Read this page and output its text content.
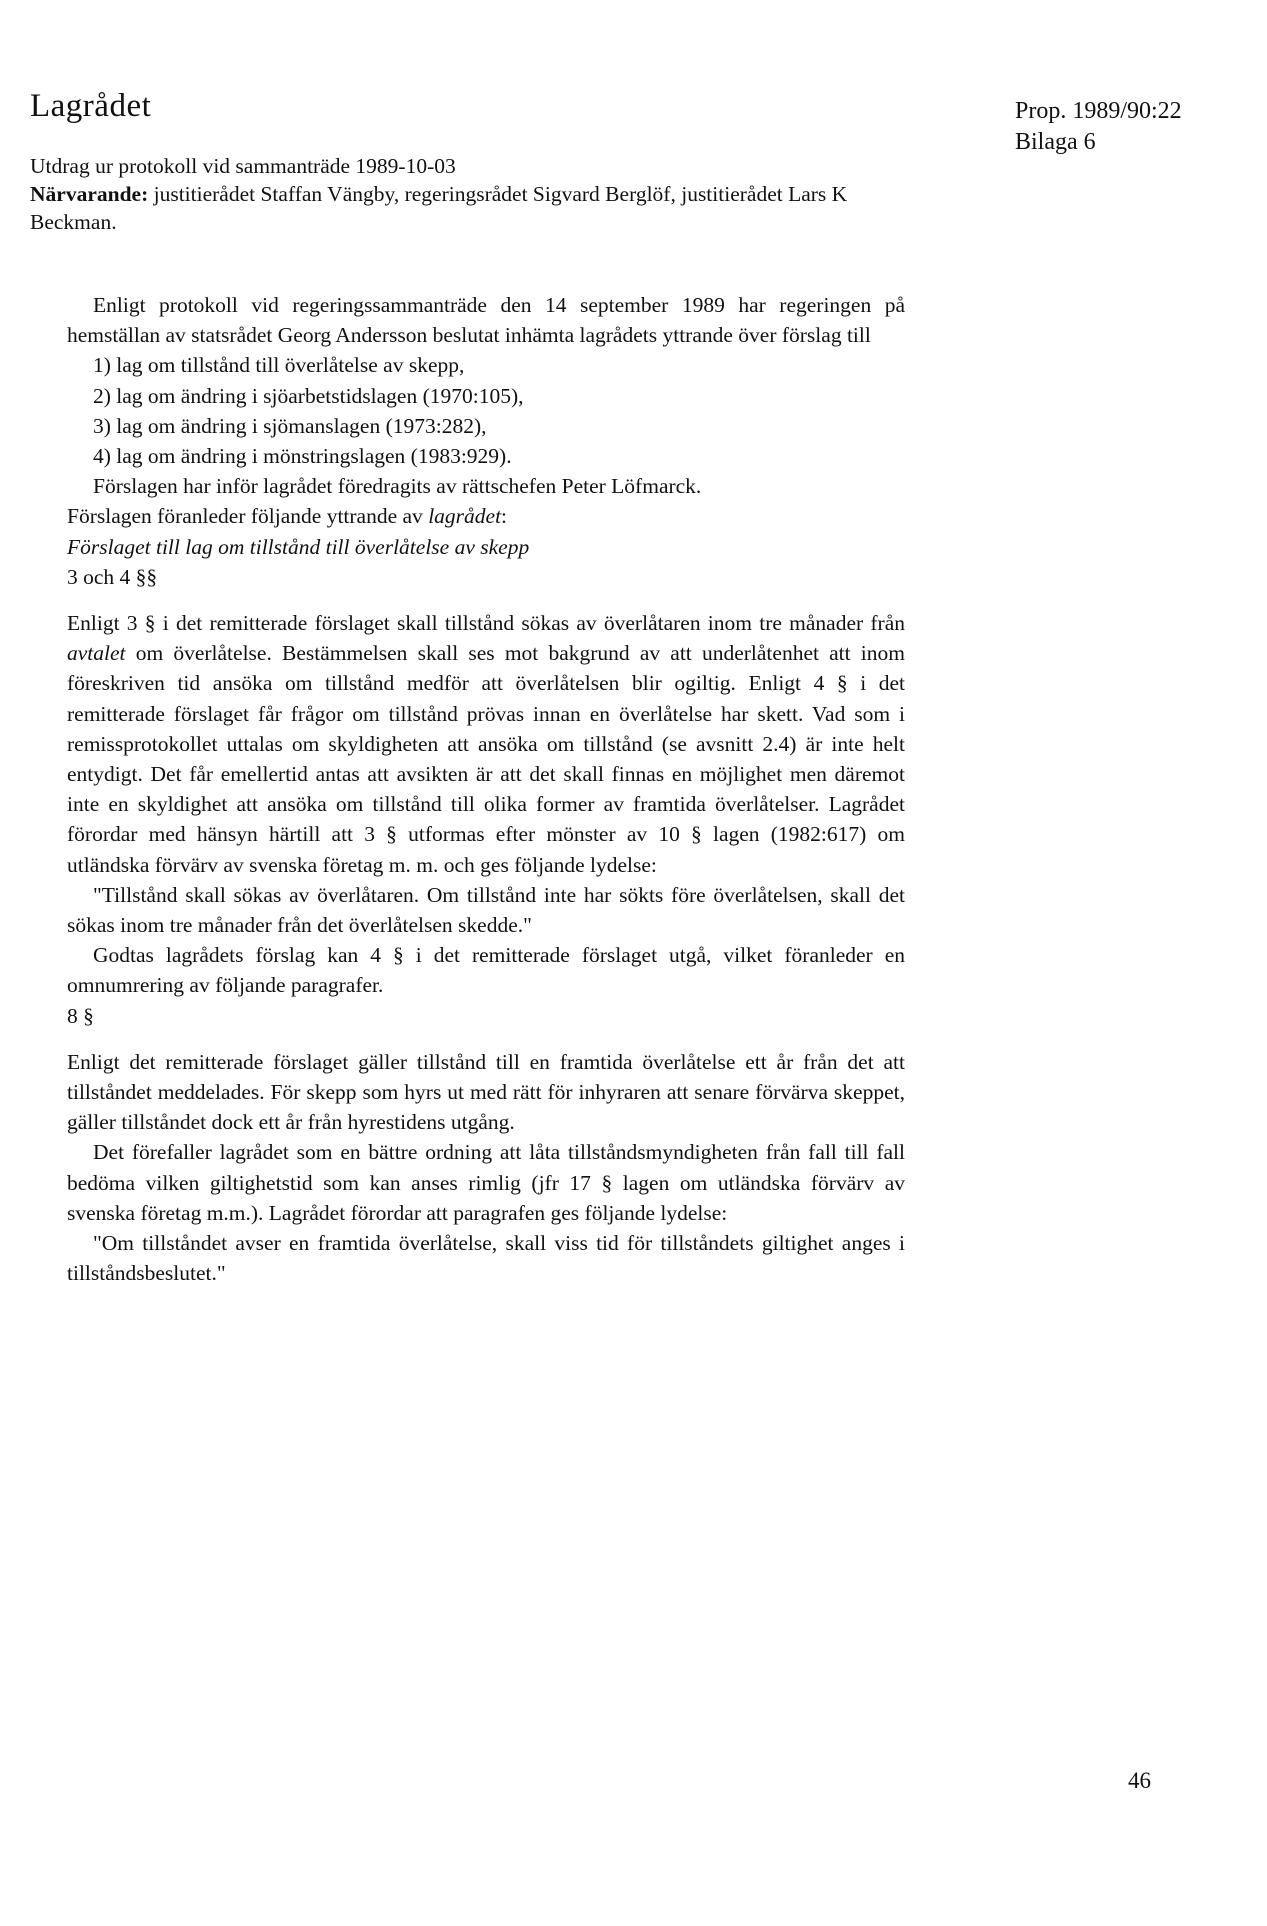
Lagrådet	Prop. 1989/90:22
Bilaga 6
Utdrag ur protokoll vid sammanträde 1989-10-03
Närvarande: justitierådet Staffan Vängby, regeringsrådet Sigvard Berglöf, justitierådet Lars K Beckman.

Enligt protokoll vid regeringssammanträde den 14 september 1989 har regeringen på hemställan av statsrådet Georg Andersson beslutat inhämta lagrådets yttrande över förslag till

1) lag om tillstånd till överlåtelse av skepp,

2) lag om ändring i sjöarbetstidslagen (1970:105),

3) lag om ändring i sjömanslagen (1973:282),

4) lag om ändring i mönstringslagen (1983:929).

Förslagen har inför lagrådet föredragits av rättschefen Peter Löfmarck.

Förslagen föranleder följande yttrande av lagrådet:

Förslaget till lag om tillstånd till överlåtelse av skepp

3 och 4 §§

Enligt 3 § i det remitterade förslaget skall tillstånd sökas av överlåtaren inom tre månader från avtalet om överlåtelse. Bestämmelsen skall ses mot bakgrund av att underlåtenhet att inom föreskriven tid ansöka om tillstånd medför att överlåtelsen blir ogiltig. Enligt 4 § i det remitterade förslaget får frågor om tillstånd prövas innan en överlåtelse har skett. Vad som i remissprotokollet uttalas om skyldigheten att ansöka om tillstånd (se avsnitt 2.4) är inte helt entydigt. Det får emellertid antas att avsikten är att det skall finnas en möjlighet men däremot inte en skyldighet att ansöka om tillstånd till olika former av framtida överlåtelser. Lagrådet förordar med hänsyn härtill att 3 § utformas efter mönster av 10 § lagen (1982:617) om utländska förvärv av svenska företag m. m. och ges följande lydelse:

"Tillstånd skall sökas av överlåtaren. Om tillstånd inte har sökts före överlåtelsen, skall det sökas inom tre månader från det överlåtelsen skedde."

Godtas lagrådets förslag kan 4 § i det remitterade förslaget utgå, vilket föranleder en omnumrering av följande paragrafer.

8 §

Enligt det remitterade förslaget gäller tillstånd till en framtida överlåtelse ett år från det att tillståndet meddelades. För skepp som hyrs ut med rätt för inhyraren att senare förvärva skeppet, gäller tillståndet dock ett år från hyrestidens utgång.

Det förefaller lagrådet som en bättre ordning att låta tillståndsmyndigheten från fall till fall bedöma vilken giltighetstid som kan anses rimlig (jfr 17 § lagen om utländska förvärv av svenska företag m.m.). Lagrådet förordar att paragrafen ges följande lydelse:

"Om tillståndet avser en framtida överlåtelse, skall viss tid för tillståndets giltighet anges i tillståndsbeslutet."

46
